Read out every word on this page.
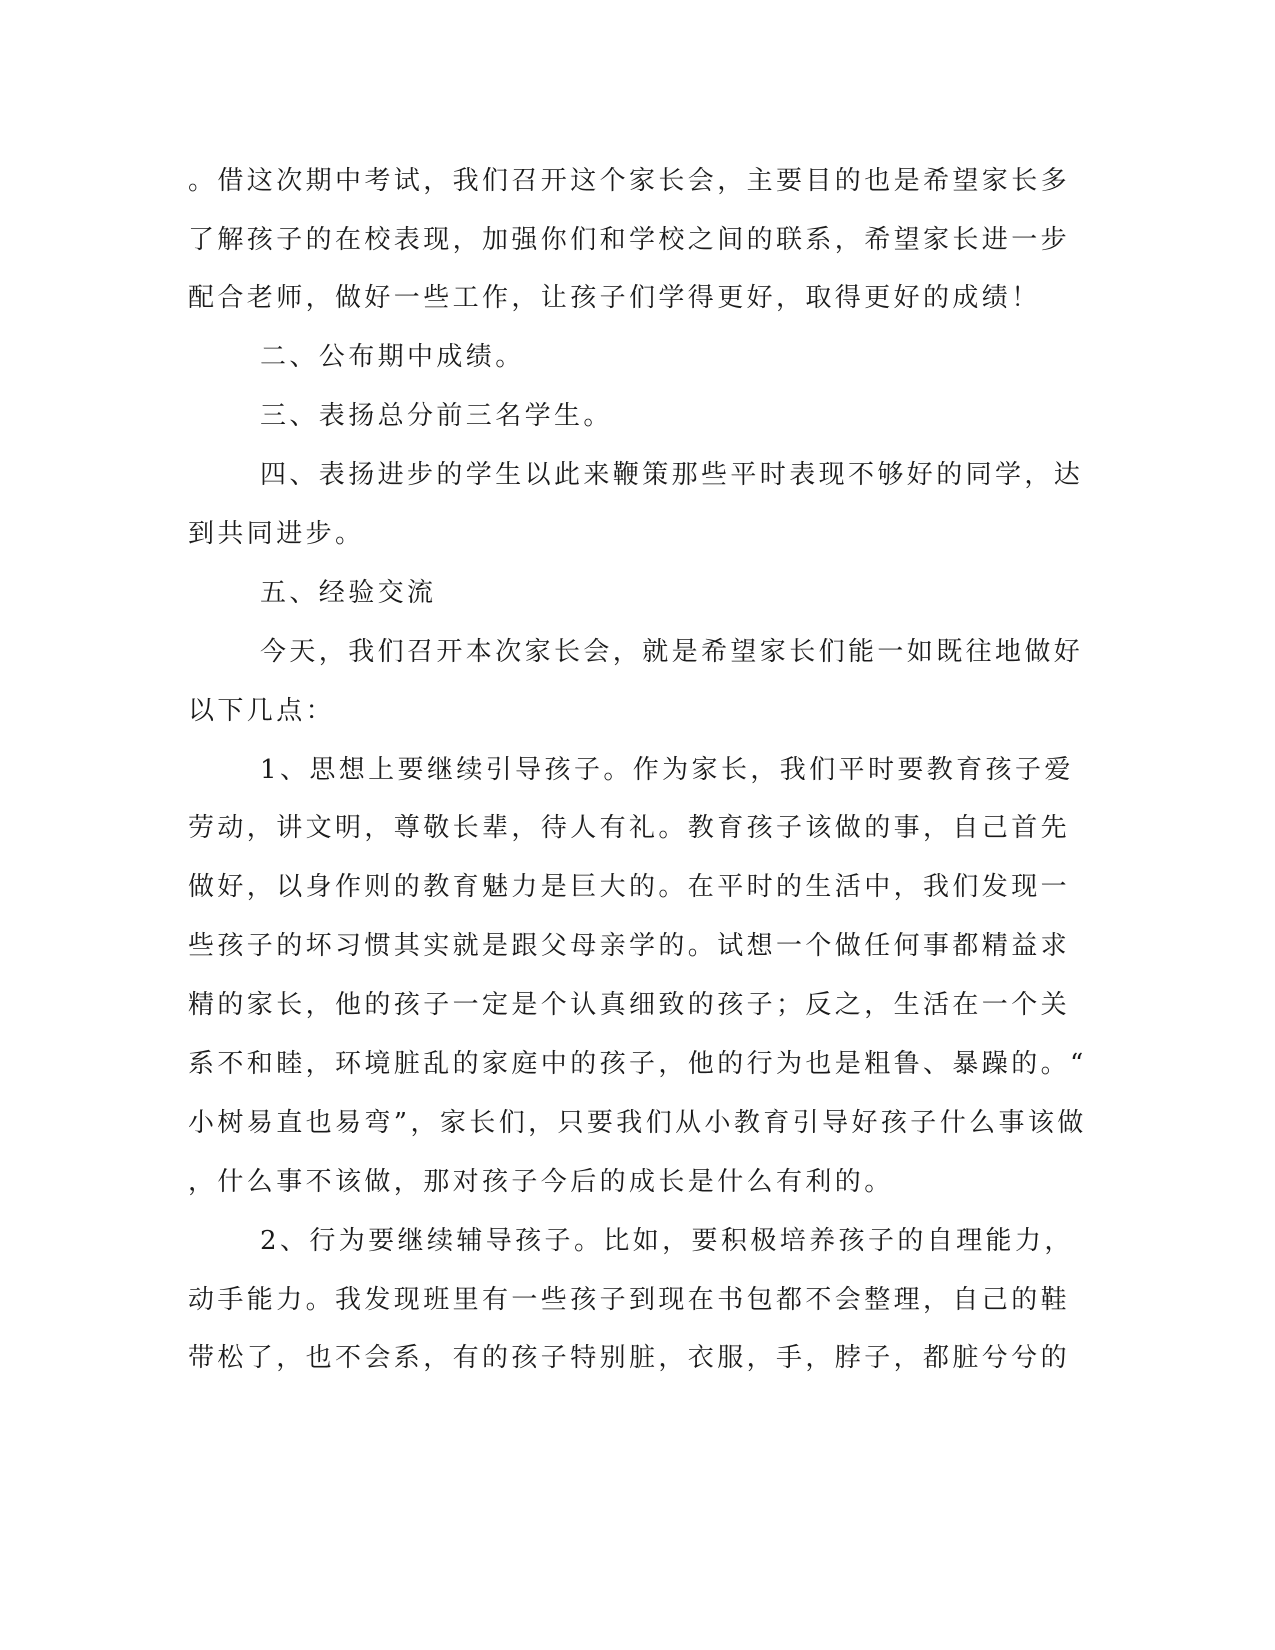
。借这次期中考试，我们召开这个家长会，主要目的也是希望家长多
了解孩子的在校表现，加强你们和学校之间的联系，希望家长进一步
配合老师，做好一些工作，让孩子们学得更好，取得更好的成绩！
二、公布期中成绩。
三、表扬总分前三名学生。
四、表扬进步的学生以此来鞭策那些平时表现不够好的同学，达
到共同进步。
五、经验交流
今天，我们召开本次家长会，就是希望家长们能一如既往地做好
以下几点：
1、思想上要继续引导孩子。作为家长，我们平时要教育孩子爱
劳动，讲文明，尊敬长辈，待人有礼。教育孩子该做的事，自己首先
做好，以身作则的教育魅力是巨大的。在平时的生活中，我们发现一
些孩子的坏习惯其实就是跟父母亲学的。试想一个做任何事都精益求
精的家长，他的孩子一定是个认真细致的孩子；反之，生活在一个关
系不和睦，环境脏乱的家庭中的孩子，他的行为也是粗鲁、暴躁的。“
小树易直也易弯”，家长们，只要我们从小教育引导好孩子什么事该做
，什么事不该做，那对孩子今后的成长是什么有利的。
2、行为要继续辅导孩子。比如，要积极培养孩子的自理能力，
动手能力。我发现班里有一些孩子到现在书包都不会整理，自己的鞋
带松了，也不会系，有的孩子特别脏，衣服，手，脖子，都脏兮兮的
